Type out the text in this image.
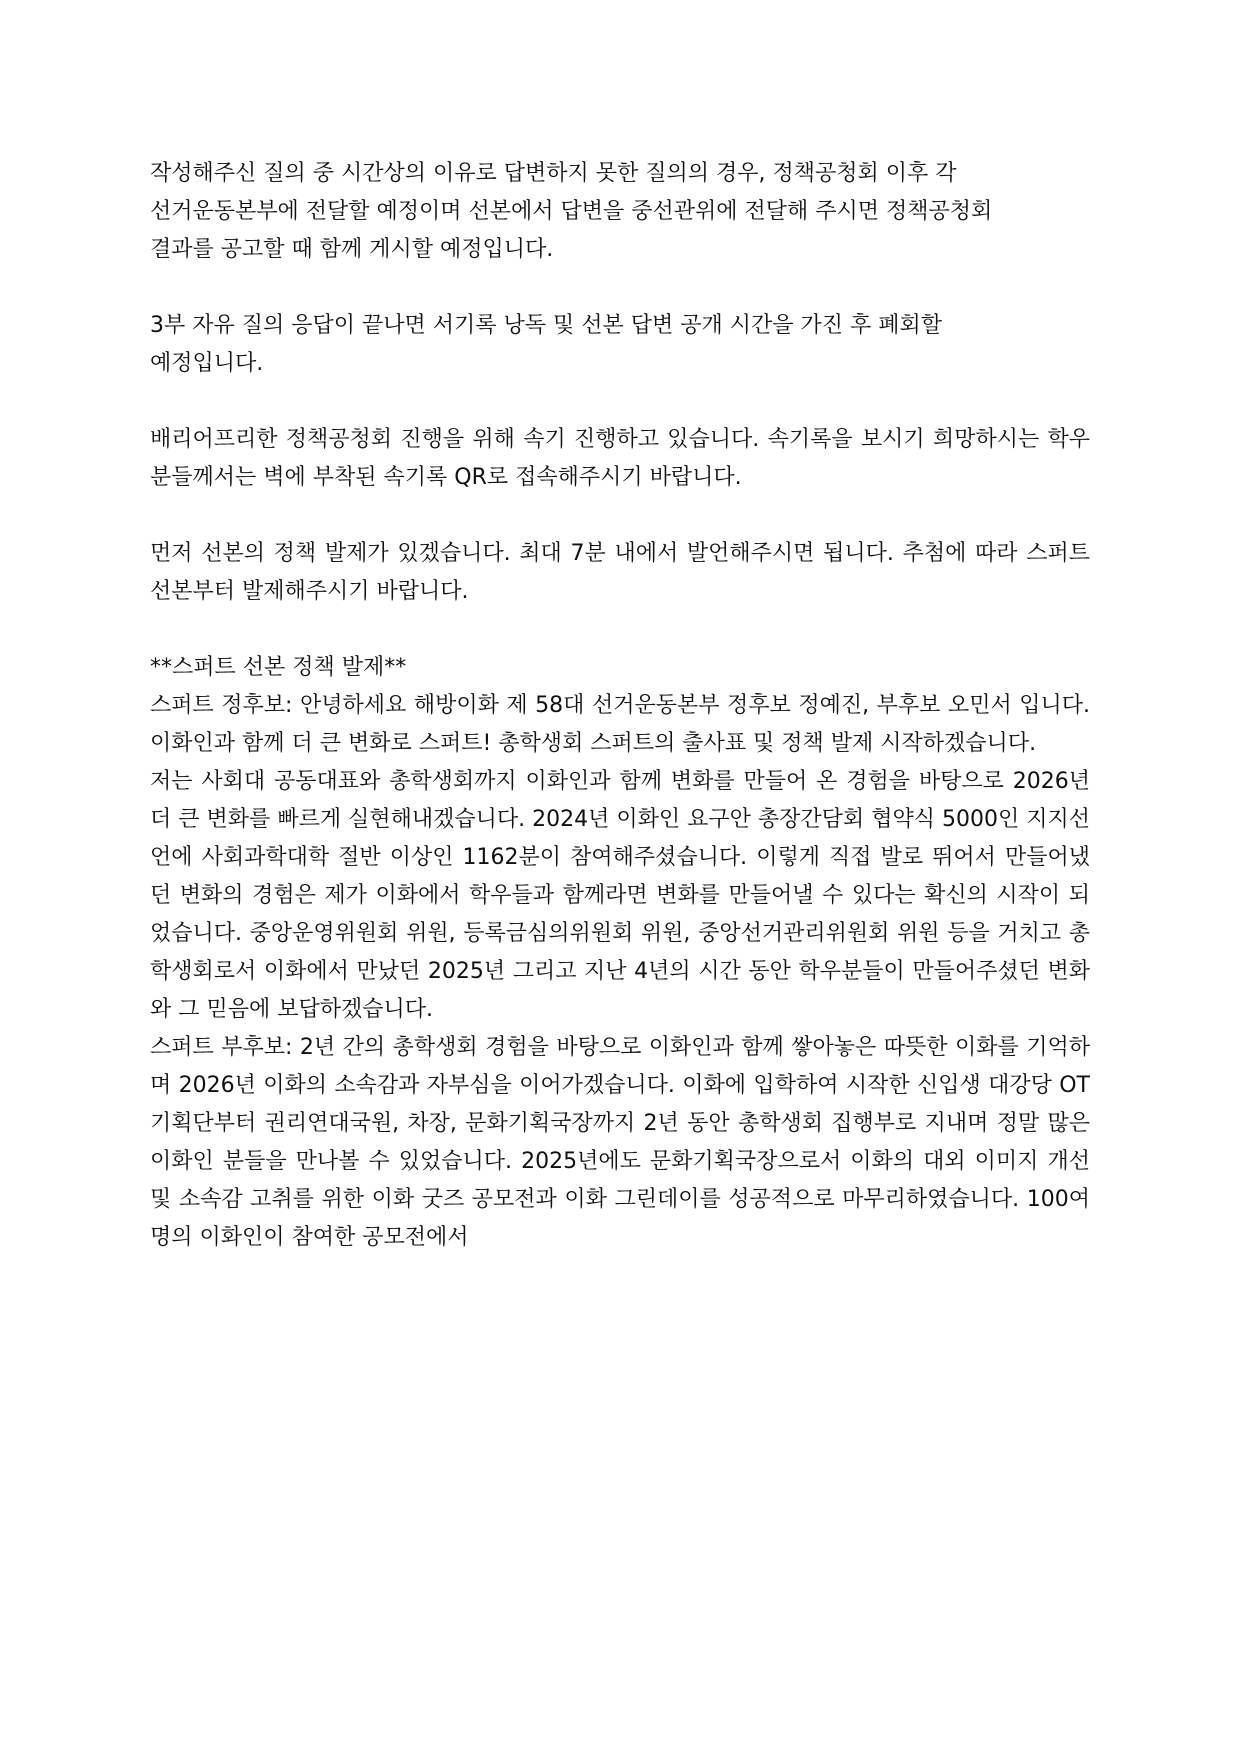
작성해주신 질의 중 시간상의 이유로 답변하지 못한 질의의 경우, 정책공청회 이후 각
선거운동본부에 전달할 예정이며 선본에서 답변을 중선관위에 전달해 주시면 정책공청회
결과를 공고할 때 함께 게시할 예정입니다.

3부 자유 질의 응답이 끝나면 서기록 낭독 및 선본 답변 공개 시간을 가진 후 폐회할
예정입니다.

배리어프리한 정책공청회 진행을 위해 속기 진행하고 있습니다. 속기록을 보시기 희망하시는 학우분들께서는 벽에 부착된 속기록 QR로 접속해주시기 바랍니다.

먼저 선본의 정책 발제가 있겠습니다. 최대 7분 내에서 발언해주시면 됩니다. 추첨에 따라 스퍼트 선본부터 발제해주시기 바랍니다.

**스퍼트 선본 정책 발제**

스퍼트 정후보: 안녕하세요 해방이화 제 58대 선거운동본부 정후보 정예진, 부후보 오민서 입니다. 이화인과 함께 더 큰 변화로 스퍼트! 총학생회 스퍼트의 출사표 및 정책 발제 시작하겠습니다.

저는 사회대 공동대표와 총학생회까지 이화인과 함께 변화를 만들어 온 경험을 바탕으로 2026년 더 큰 변화를 빠르게 실현해내겠습니다. 2024년 이화인 요구안 총장간담회 협약식 5000인 지지선언에 사회과학대학 절반 이상인 1162분이 참여해주셨습니다. 이렇게 직접 발로 뛰어서 만들어냈던 변화의 경험은 제가 이화에서 학우들과 함께라면 변화를 만들어낼 수 있다는 확신의 시작이 되었습니다. 중앙운영위원회 위원, 등록금심의위원회 위원, 중앙선거관리위원회 위원 등을 거치고 총학생회로서 이화에서 만났던 2025년 그리고 지난 4년의 시간 동안 학우분들이 만들어주셨던 변화와 그 믿음에 보답하겠습니다.

스퍼트 부후보: 2년 간의 총학생회 경험을 바탕으로 이화인과 함께 쌓아놓은 따뜻한 이화를 기억하며 2026년 이화의 소속감과 자부심을 이어가겠습니다. 이화에 입학하여 시작한 신입생 대강당 OT 기획단부터 권리연대국원, 차장, 문화기획국장까지 2년 동안 총학생회 집행부로 지내며 정말 많은 이화인 분들을 만나볼 수 있었습니다. 2025년에도 문화기획국장으로서 이화의 대외 이미지 개선 및 소속감 고취를 위한 이화 굿즈 공모전과 이화 그린데이를 성공적으로 마무리하였습니다. 100여 명의 이화인이 참여한 공모전에서
